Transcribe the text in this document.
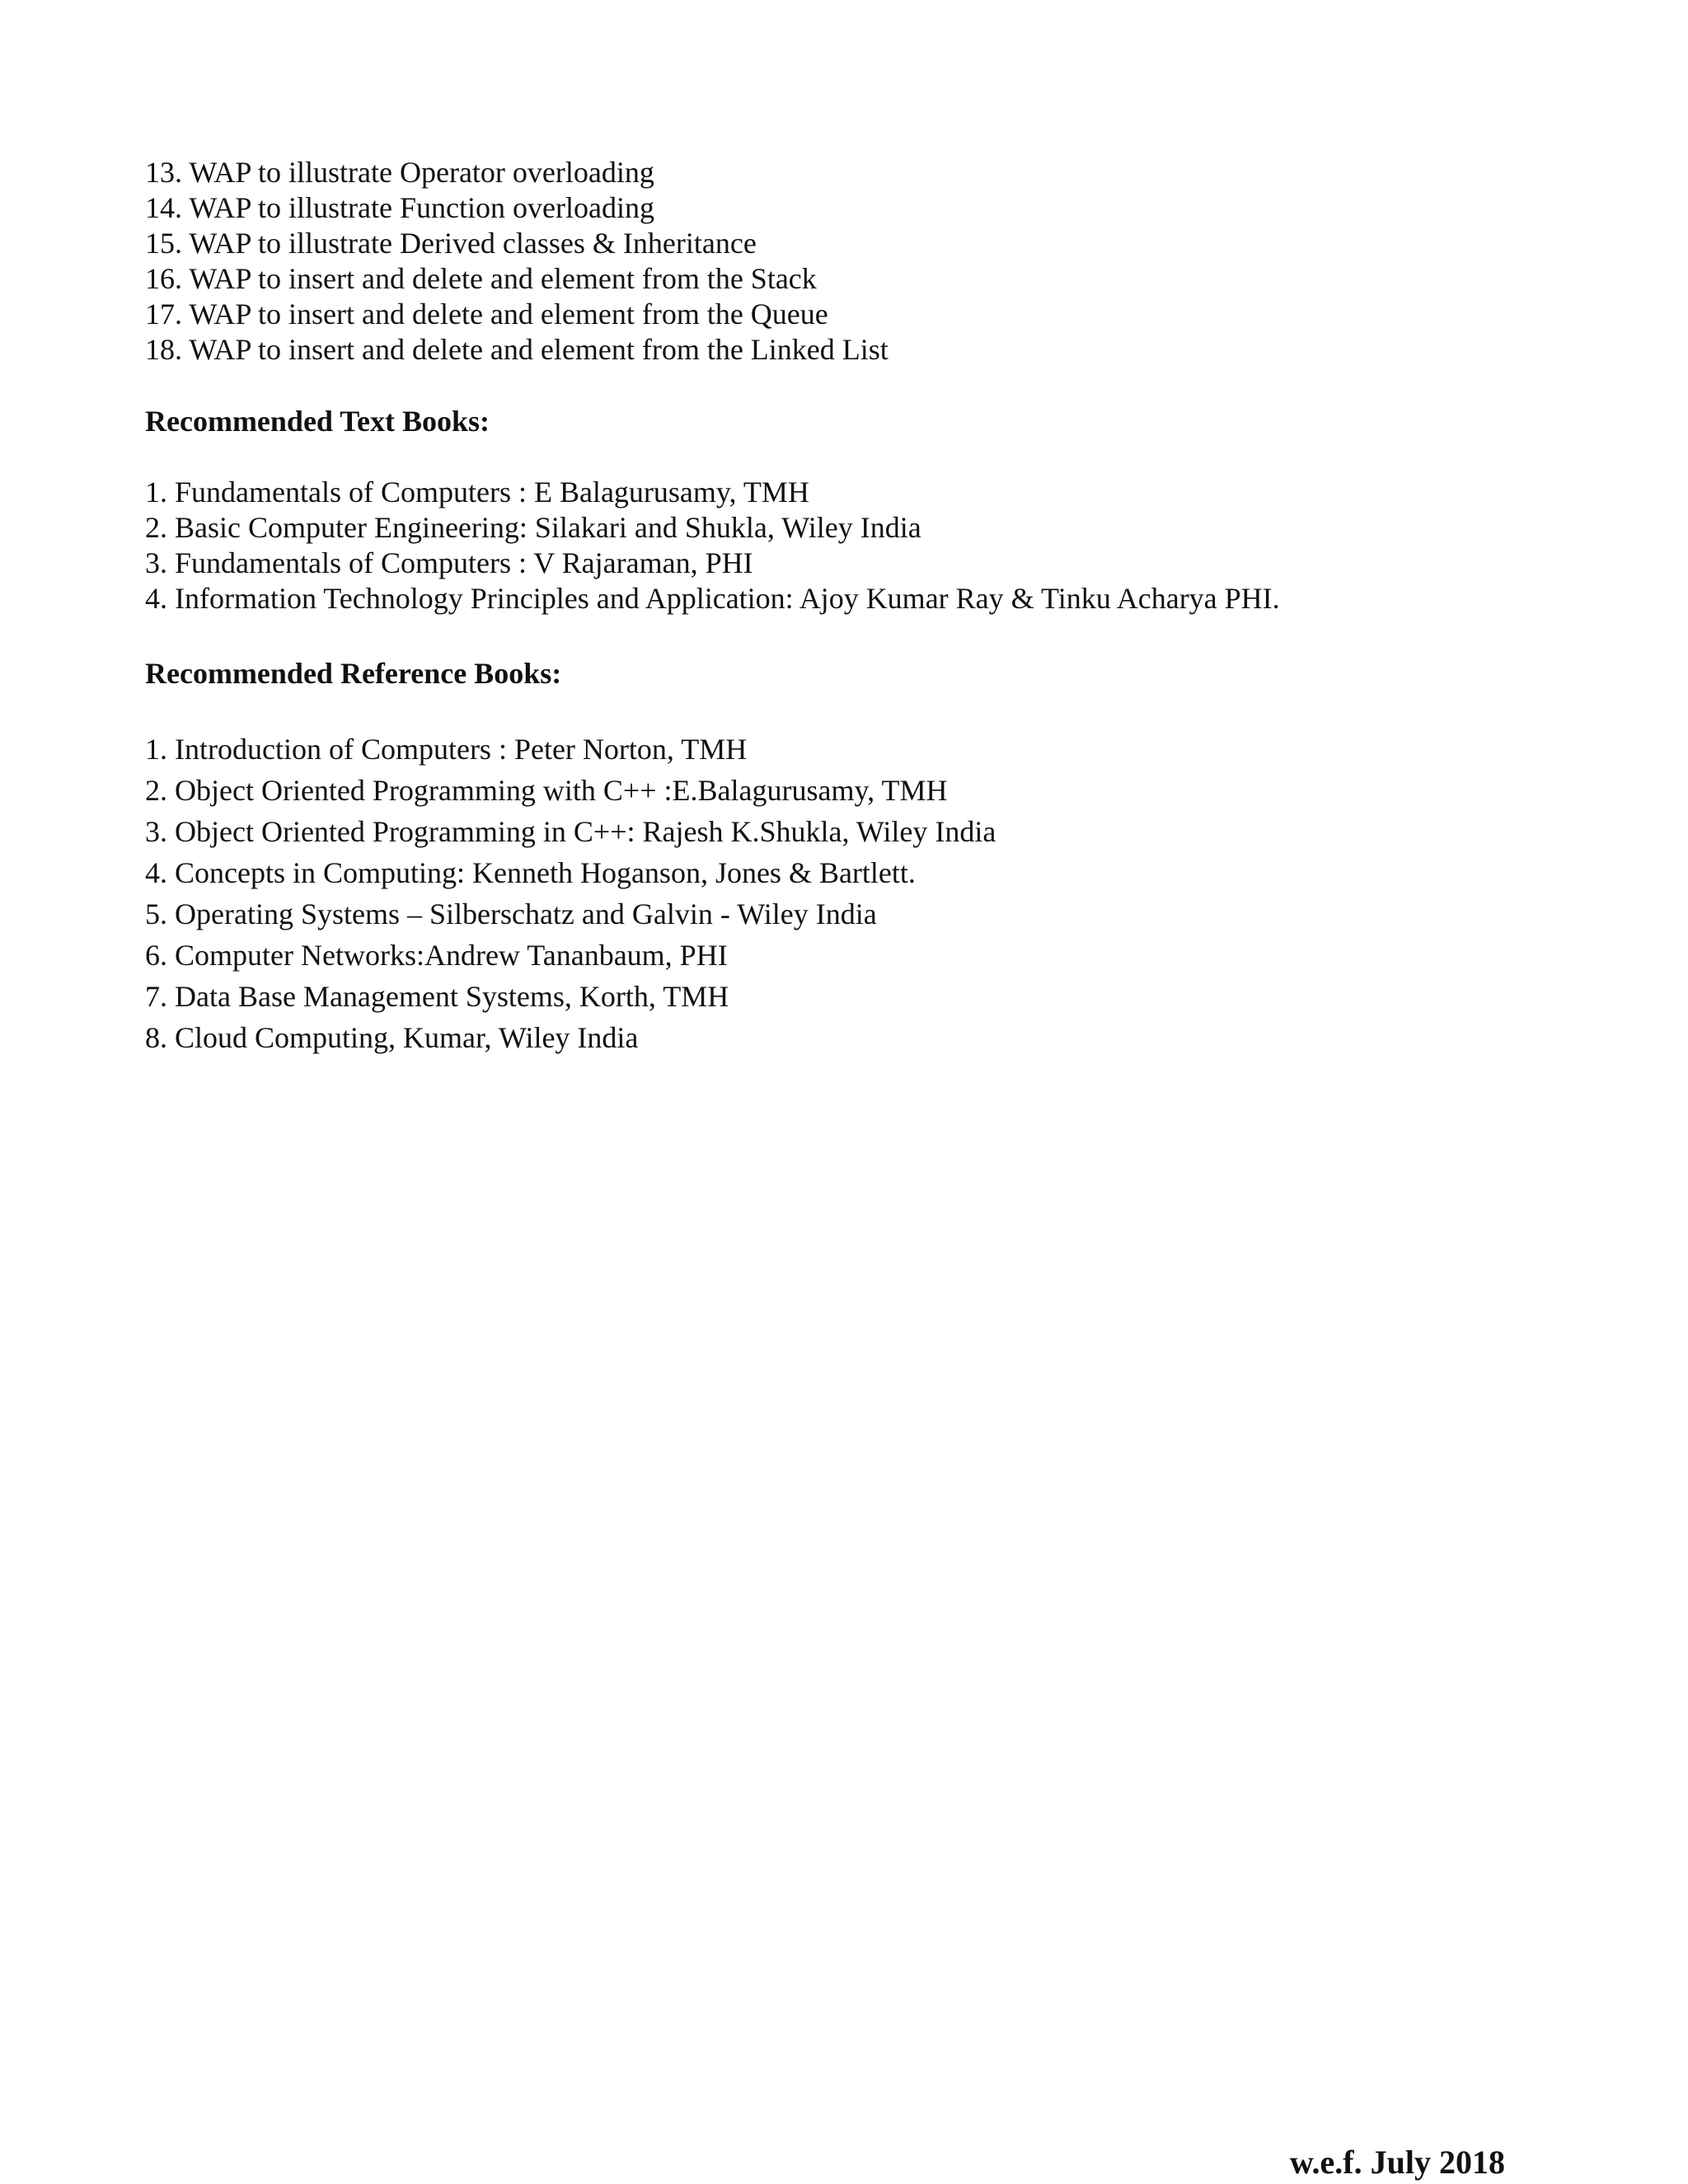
13. WAP to illustrate Operator overloading
14. WAP to illustrate Function overloading
15. WAP to illustrate Derived classes & Inheritance
16. WAP to insert and delete and element from the Stack
17. WAP to insert and delete and element from the Queue
18. WAP to insert and delete and element from the Linked List
Recommended Text Books:
1. Fundamentals of Computers : E Balagurusamy, TMH
2. Basic Computer Engineering: Silakari and Shukla, Wiley India
3. Fundamentals of Computers : V Rajaraman, PHI
4. Information Technology Principles and Application: Ajoy Kumar Ray & Tinku Acharya PHI.
Recommended Reference Books:
1. Introduction of Computers : Peter Norton, TMH
2. Object Oriented Programming with C++ :E.Balagurusamy, TMH
3. Object Oriented Programming in C++: Rajesh K.Shukla, Wiley India
4. Concepts in Computing: Kenneth Hoganson, Jones & Bartlett.
5. Operating Systems – Silberschatz and Galvin - Wiley India
6. Computer Networks:Andrew Tananbaum, PHI
7. Data Base Management Systems, Korth, TMH
8. Cloud Computing, Kumar, Wiley India
w.e.f. July 2018
